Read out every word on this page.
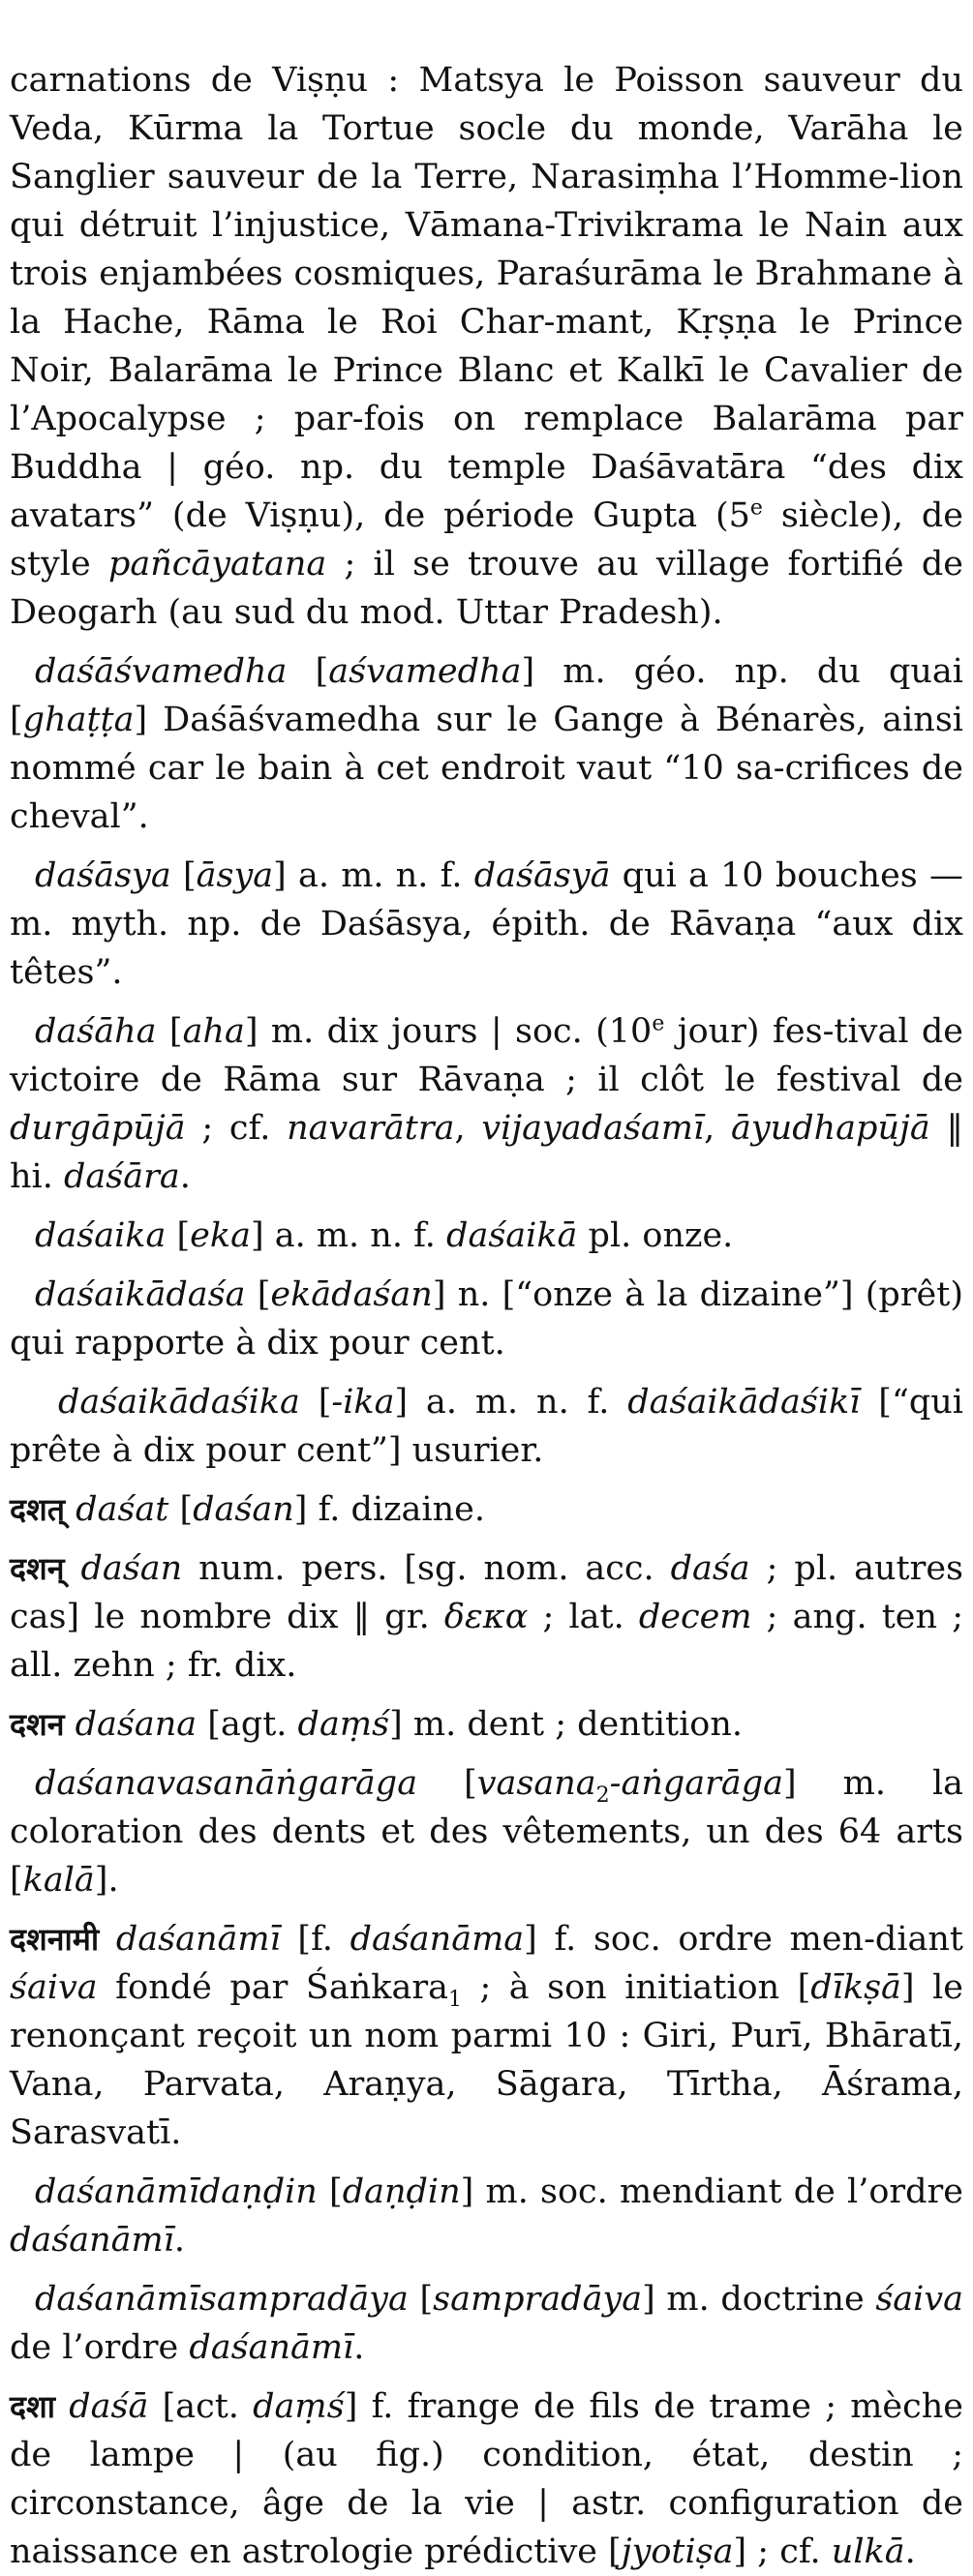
carnations de Viṣṇu : Matsya le Poisson sauveur du Veda, Kūrma la Tortue socle du monde, Varāha le Sanglier sauveur de la Terre, Narasiṃha l’Homme-lion qui détruit l’injustice, Vāmana-Trivikrama le Nain aux trois enjambées cosmiques, Paraśurāma le Brahmane à la Hache, Rāma le Roi Char-mant, Kṛṣṇa le Prince Noir, Balarāma le Prince Blanc et Kalkī le Cavalier de l’Apocalypse ; par-fois on remplace Balarāma par Buddha | géo. np. du temple Daśāvatāra “des dix avatars” (de Viṣṇu), de période Gupta (5e siècle), de style pañcāyatana ; il se trouve au village fortifié de Deogarh (au sud du mod. Uttar Pradesh).

daśāśvamedha [aśvamedha] m. géo. np. du quai [ghaṭṭa] Daśāśvamedha sur le Gange à Bénarès, ainsi nommé car le bain à cet endroit vaut “10 sa-crifices de cheval”.

daśāsya [āsya] a. m. n. f. daśāsyā qui a 10 bouches — m. myth. np. de Daśāsya, épith. de Rāvaṇa “aux dix têtes”.

daśāha [aha] m. dix jours | soc. (10e jour) fes-tival de victoire de Rāma sur Rāvaṇa ; il clôt le festival de durgāpūjā ; cf. navarātra, vijayadaśamī, āyudhapūjā ‖ hi. daśāra.

daśaika [eka] a. m. n. f. daśaikā pl. onze.

daśaikādaśa [ekādaśan] n. [“onze à la dizaine”] (prêt) qui rapporte à dix pour cent.

daśaikādaśika [-ika] a. m. n. f. daśaikādaśikī [“qui prête à dix pour cent”] usurier.

दशत् daśat [daśan] f. dizaine.

दशन् daśan num. pers. [sg. nom. acc. daśa ; pl. autres cas] le nombre dix ‖ gr. δεκα ; lat. decem ; ang. ten ; all. zehn ; fr. dix.

दशन daśana [agt. daṃś] m. dent ; dentition.

daśanavasanāṅgarāga [vasana$_2$-aṅgarāga] m. la coloration des dents et des vêtements, un des 64 arts [kalā].

दशनामी daśanāmī [f. daśanāma] f. soc. ordre men-diant śaiva fondé par Śaṅkara$_1$ ; à son initiation [dīkṣā] le renonçant reçoit un nom parmi 10 : Giri, Purī, Bhāratī, Vana, Parvata, Araṇya, Sāgara, Tīrtha, Āśrama, Sarasvatī.

daśanāmīdaṇḍin [daṇḍin] m. soc. mendiant de l’ordre daśanāmī.

daśanāmīsampradāya [sampradāya] m. doctrine śaiva de l’ordre daśanāmī.

दशा daśā [act. daṃś] f. frange de fils de trame ; mèche de lampe | (au fig.) condition, état, destin ; circonstance, âge de la vie | astr. configuration de naissance en astrologie prédictive [jyotiṣa] ; cf. ulkā.
